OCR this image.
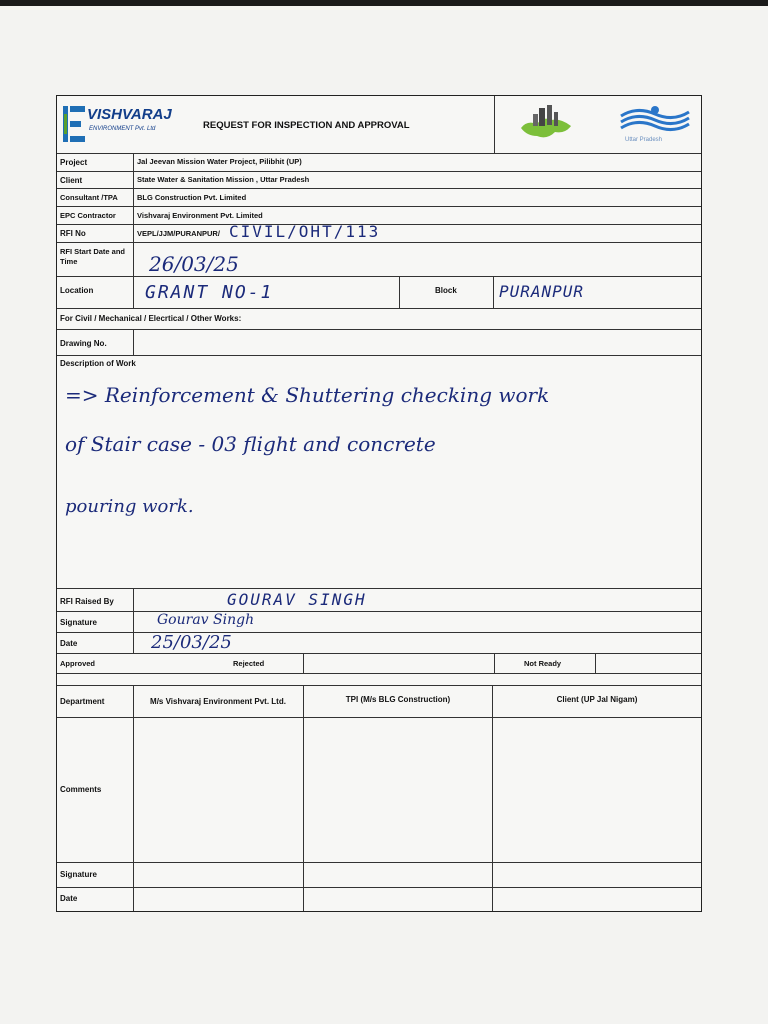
VISHVARAJ
ENVIRONMENT Pvt. Ltd	REQUEST FOR INSPECTION AND APPROVAL
Uttar Pradesh
Project	Jal Jeevan Mission Water Project, Pilibhit (UP)
Client	State Water & Sanitation Mission , Uttar Pradesh
Consultant /TPA	BLG Construction Pvt. Limited
EPC Contractor	Vishvaraj Environment Pvt. Limited
RFI No	VEPL/JJM/PURANPUR/ CIVIL/OHT/113
RFI Start Date and Time	26/03/25
Location	GRANT NO-1	Block	PURANPUR
For Civil / Mechanical / Elecrtical / Other Works:
Drawing No.
Description of Work
=> Reinforcement & Shuttering checking work
of Stair case - 03 flight and concrete
pouring work.
RFI Raised By	GOURAV SINGH
Signature	Gourav Singh
Date	25/03/25
Approved	Rejected	Not Ready
Department	M/s Vishvaraj Environment Pvt. Ltd.	TPI (M/s BLG Construction)	Client (UP Jal Nigam)
Comments
Signature
Date
